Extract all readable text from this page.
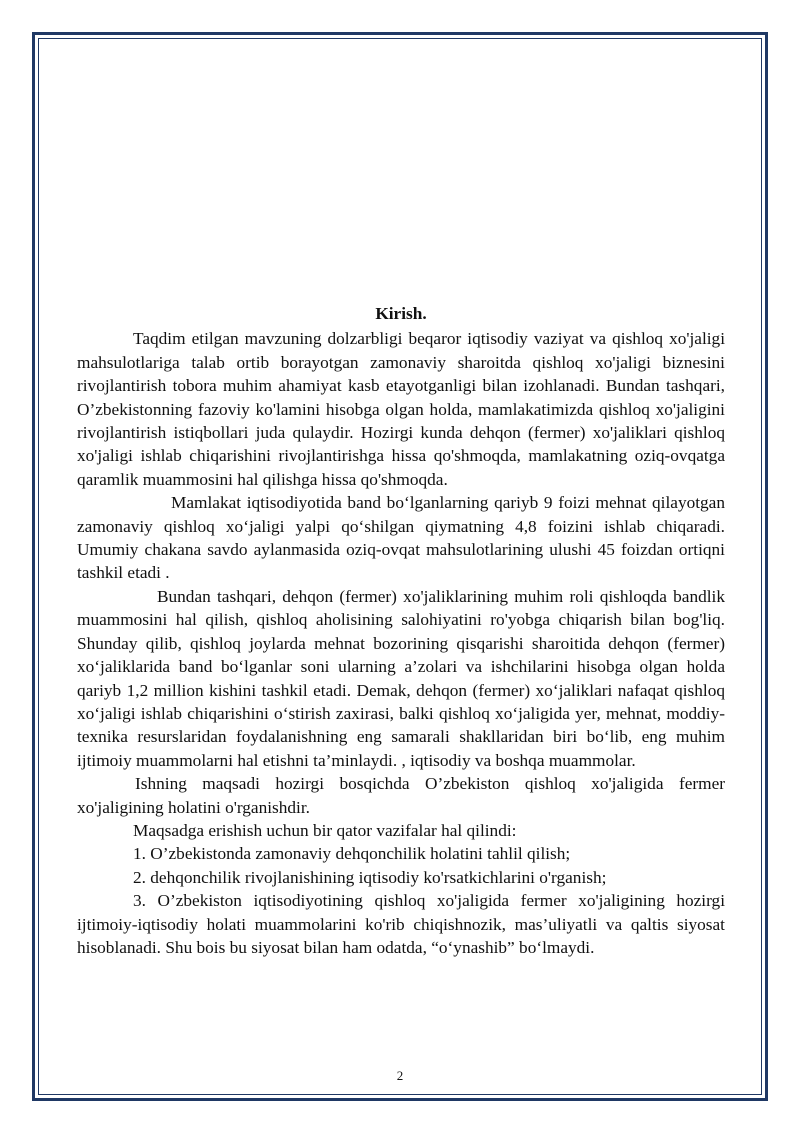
Kirish.

Taqdim etilgan mavzuning dolzarbligi beqaror iqtisodiy vaziyat va qishloq xo'jaligi mahsulotlariga talab ortib borayotgan zamonaviy sharoitda qishloq xo'jaligi biznesini rivojlantirish tobora muhim ahamiyat kasb etayotganligi bilan izohlanadi. Bundan tashqari, O’zbekistonning fazoviy ko'lamini hisobga olgan holda, mamlakatimizda qishloq xo'jaligini rivojlantirish istiqbollari juda qulaydir. Hozirgi kunda dehqon (fermer) xo'jaliklari qishloq xo'jaligi ishlab chiqarishini rivojlantirishga hissa qo'shmoqda, mamlakatning oziq-ovqatga qaramlik muammosini hal qilishga hissa qo'shmoqda.

Mamlakat iqtisodiyotida band boʻlganlarning qariyb 9 foizi mehnat qilayotgan zamonaviy qishloq xoʻjaligi yalpi qoʻshilgan qiymatning 4,8 foizini ishlab chiqaradi. Umumiy chakana savdo aylanmasida oziq-ovqat mahsulotlarining ulushi 45 foizdan ortiqni tashkil etadi .

Bundan tashqari, dehqon (fermer) xo'jaliklarining muhim roli qishloqda bandlik muammosini hal qilish, qishloq aholisining salohiyatini ro'yobga chiqarish bilan bog'liq. Shunday qilib, qishloq joylarda mehnat bozorining qisqarishi sharoitida dehqon (fermer) xoʻjaliklarida band boʻlganlar soni ularning a’zolari va ishchilarini hisobga olgan holda qariyb 1,2 million kishini tashkil etadi. Demak, dehqon (fermer) xoʻjaliklari nafaqat qishloq xoʻjaligi ishlab chiqarishini oʻstirish zaxirasi, balki qishloq xoʻjaligida yer, mehnat, moddiy-texnika resurslaridan foydalanishning eng samarali shakllaridan biri boʻlib, eng muhim ijtimoiy muammolarni hal etishni ta’minlaydi. , iqtisodiy va boshqa muammolar.

Ishning maqsadi hozirgi bosqichda O’zbekiston qishloq xo'jaligida fermer xo'jaligining holatini o'rganishdir.

Maqsadga erishish uchun bir qator vazifalar hal qilindi:

1. O’zbekistonda zamonaviy dehqonchilik holatini tahlil qilish;

2. dehqonchilik rivojlanishining iqtisodiy ko'rsatkichlarini o'rganish;

3. O’zbekiston iqtisodiyotining qishloq xo'jaligida fermer xo'jaligining hozirgi ijtimoiy-iqtisodiy holati muammolarini ko'rib chiqishnozik, mas’uliyatli va qaltis siyosat hisoblanadi. Shu bois bu siyosat bilan ham odatda, “oʻynashib” boʻlmaydi.

2
